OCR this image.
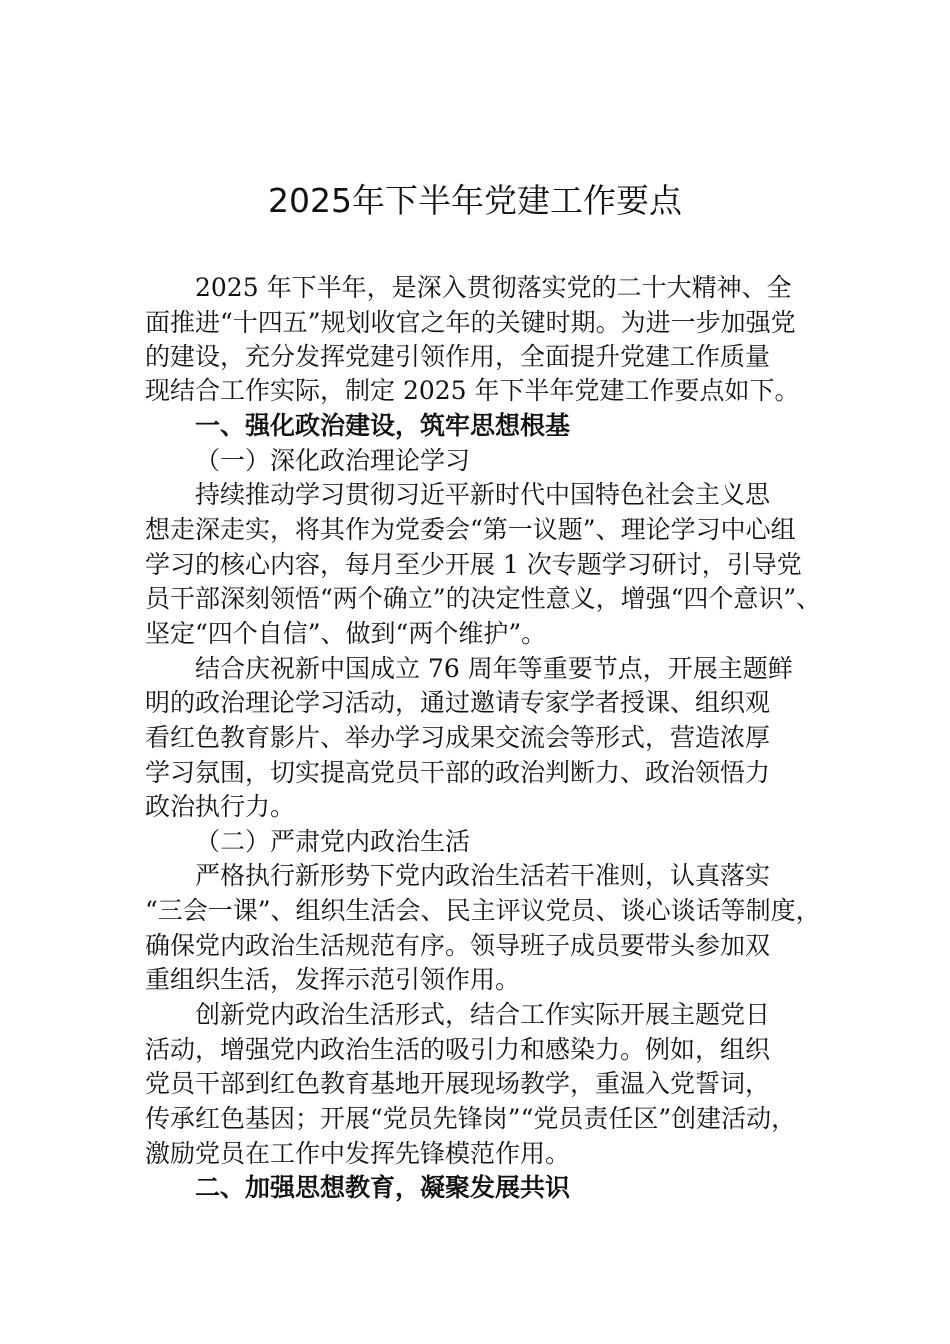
2025年下半年党建工作要点
2025 年下半年，是深入贯彻落实党的二十大精神、全
面推进“十四五”规划收官之年的关键时期。为进一步加强党
的建设，充分发挥党建引领作用，全面提升党建工作质量
现结合工作实际，制定 2025 年下半年党建工作要点如下。
一、强化政治建设，筑牢思想根基
（一）深化政治理论学习
持续推动学习贯彻习近平新时代中国特色社会主义思
想走深走实，将其作为党委会“第一议题”、理论学习中心组
学习的核心内容，每月至少开展 1 次专题学习研讨，引导党
员干部深刻领悟“两个确立”的决定性意义，增强“四个意识”、
坚定“四个自信”、做到“两个维护”。
结合庆祝新中国成立 76 周年等重要节点，开展主题鲜
明的政治理论学习活动，通过邀请专家学者授课、组织观
看红色教育影片、举办学习成果交流会等形式，营造浓厚
学习氛围，切实提高党员干部的政治判断力、政治领悟力
政治执行力。
（二）严肃党内政治生活
严格执行新形势下党内政治生活若干准则，认真落实
“三会一课”、组织生活会、民主评议党员、谈心谈话等制度，
确保党内政治生活规范有序。领导班子成员要带头参加双
重组织生活，发挥示范引领作用。
创新党内政治生活形式，结合工作实际开展主题党日
活动，增强党内政治生活的吸引力和感染力。例如，组织
党员干部到红色教育基地开展现场教学，重温入党誓词，
传承红色基因；开展“党员先锋岗”“党员责任区”创建活动，
激励党员在工作中发挥先锋模范作用。
二、加强思想教育，凝聚发展共识
